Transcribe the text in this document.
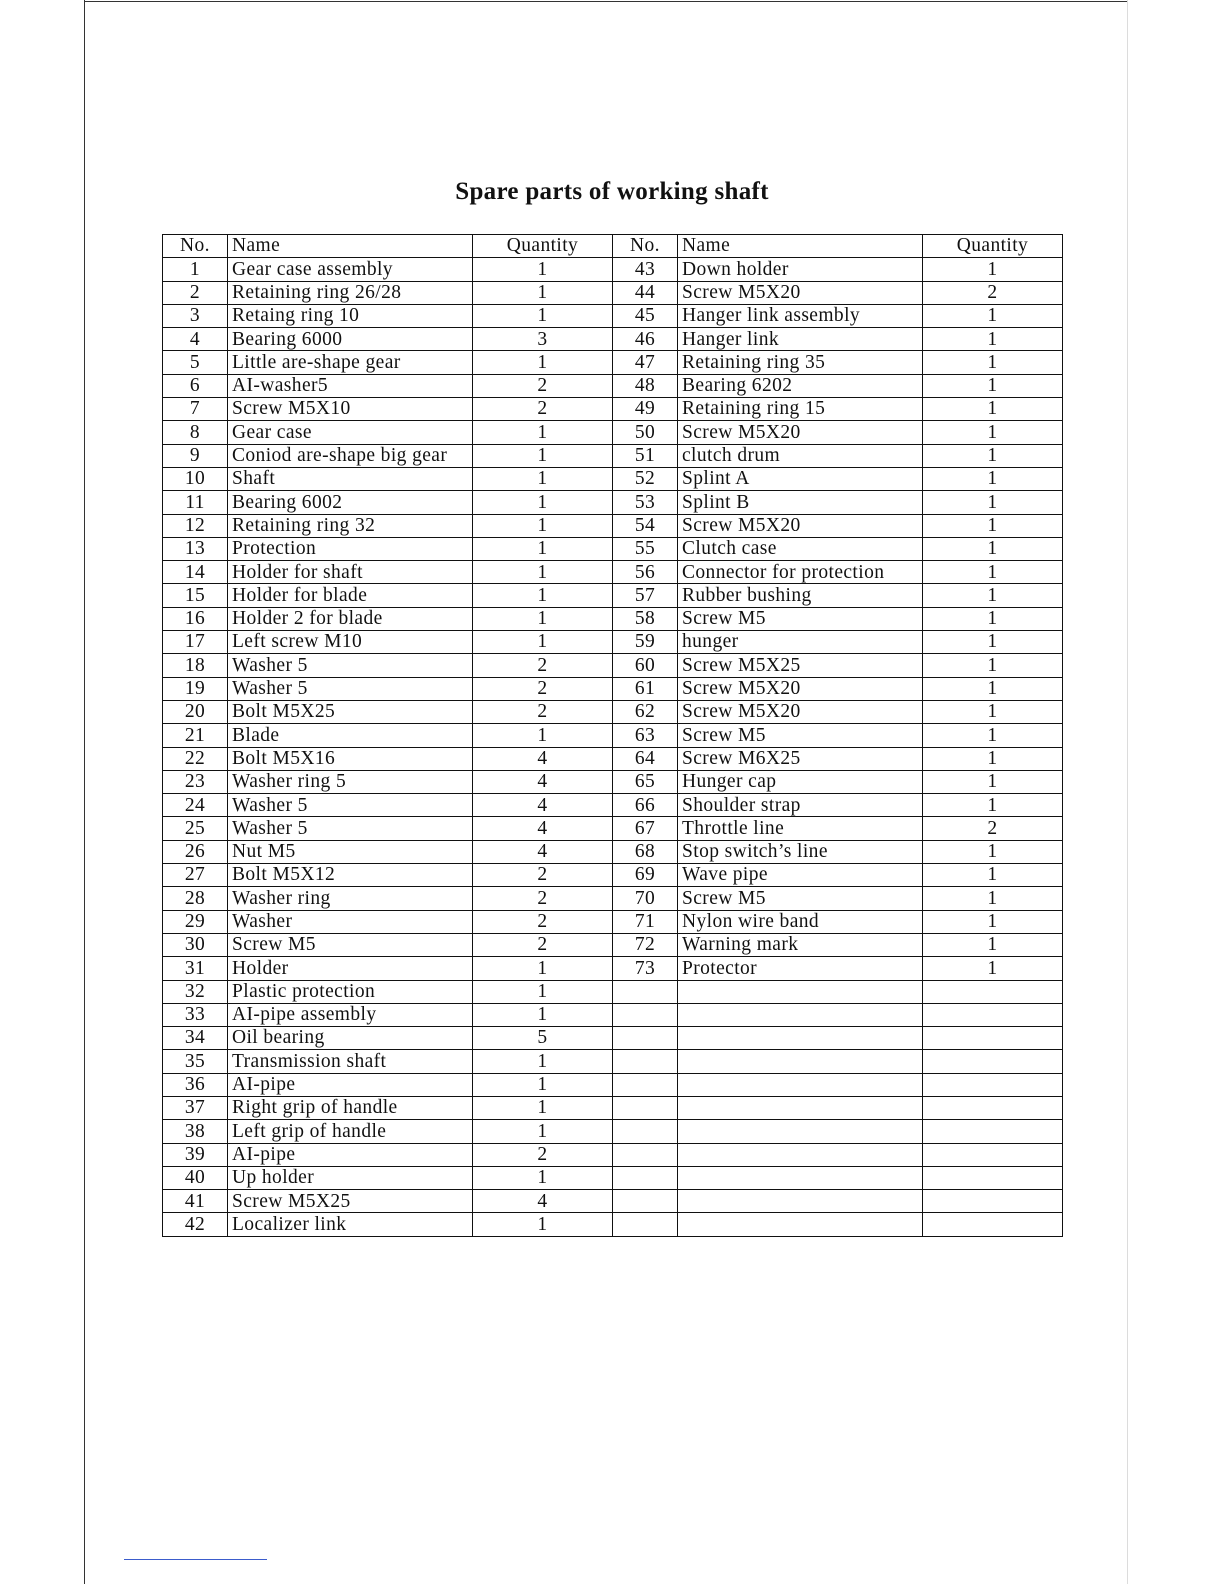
Spare parts of working shaft
No.	Name	Quantity	No.	Name	Quantity
1	Gear case assembly	1	43	Down holder	1
2	Retaining ring 26/28	1	44	Screw M5X20	2
3	Retaing ring 10	1	45	Hanger link assembly	1
4	Bearing 6000	3	46	Hanger link	1
5	Little are-shape gear	1	47	Retaining ring 35	1
6	AI-washer5	2	48	Bearing 6202	1
7	Screw M5X10	2	49	Retaining ring 15	1
8	Gear case	1	50	Screw M5X20	1
9	Coniod are-shape big gear	1	51	clutch drum	1
10	Shaft	1	52	Splint A	1
11	Bearing 6002	1	53	Splint B	1
12	Retaining ring 32	1	54	Screw M5X20	1
13	Protection	1	55	Clutch case	1
14	Holder for shaft	1	56	Connector for protection	1
15	Holder for blade	1	57	Rubber bushing	1
16	Holder 2 for blade	1	58	Screw M5	1
17	Left screw M10	1	59	hunger	1
18	Washer 5	2	60	Screw M5X25	1
19	Washer 5	2	61	Screw M5X20	1
20	Bolt M5X25	2	62	Screw M5X20	1
21	Blade	1	63	Screw M5	1
22	Bolt M5X16	4	64	Screw M6X25	1
23	Washer ring 5	4	65	Hunger cap	1
24	Washer 5	4	66	Shoulder strap	1
25	Washer 5	4	67	Throttle line	2
26	Nut M5	4	68	Stop switch’s line	1
27	Bolt M5X12	2	69	Wave pipe	1
28	Washer ring	2	70	Screw M5	1
29	Washer	2	71	Nylon wire band	1
30	Screw M5	2	72	Warning mark	1
31	Holder	1	73	Protector	1
32	Plastic protection	1			
33	AI-pipe assembly	1			
34	Oil bearing	5			
35	Transmission shaft	1			
36	AI-pipe	1			
37	Right grip of handle	1			
38	Left grip of handle	1			
39	AI-pipe	2			
40	Up holder	1			
41	Screw M5X25	4			
42	Localizer link	1			
